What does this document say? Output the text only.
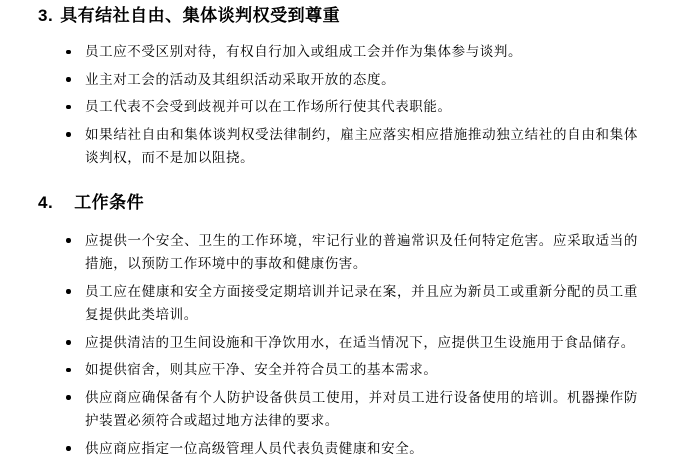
3. 具有结社自由、集体谈判权受到尊重
员工应不受区别对待，有权自行加入或组成工会并作为集体参与谈判。
业主对工会的活动及其组织活动采取开放的态度。
员工代表不会受到歧视并可以在工作场所行使其代表职能。
如果结社自由和集体谈判权受法律制约，雇主应落实相应措施推动独立结社的自由和集体谈判权，而不是加以阻挠。
4. 工作条件
应提供一个安全、卫生的工作环境，牢记行业的普遍常识及任何特定危害。应采取适当的措施，以预防工作环境中的事故和健康伤害。
员工应在健康和安全方面接受定期培训并记录在案，并且应为新员工或重新分配的员工重复提供此类培训。
应提供清洁的卫生间设施和干净饮用水，在适当情况下，应提供卫生设施用于食品储存。
如提供宿舍，则其应干净、安全并符合员工的基本需求。
供应商应确保备有个人防护设备供员工使用，并对员工进行设备使用的培训。机器操作防护装置必须符合或超过地方法律的要求。
供应商应指定一位高级管理人员代表负责健康和安全。
